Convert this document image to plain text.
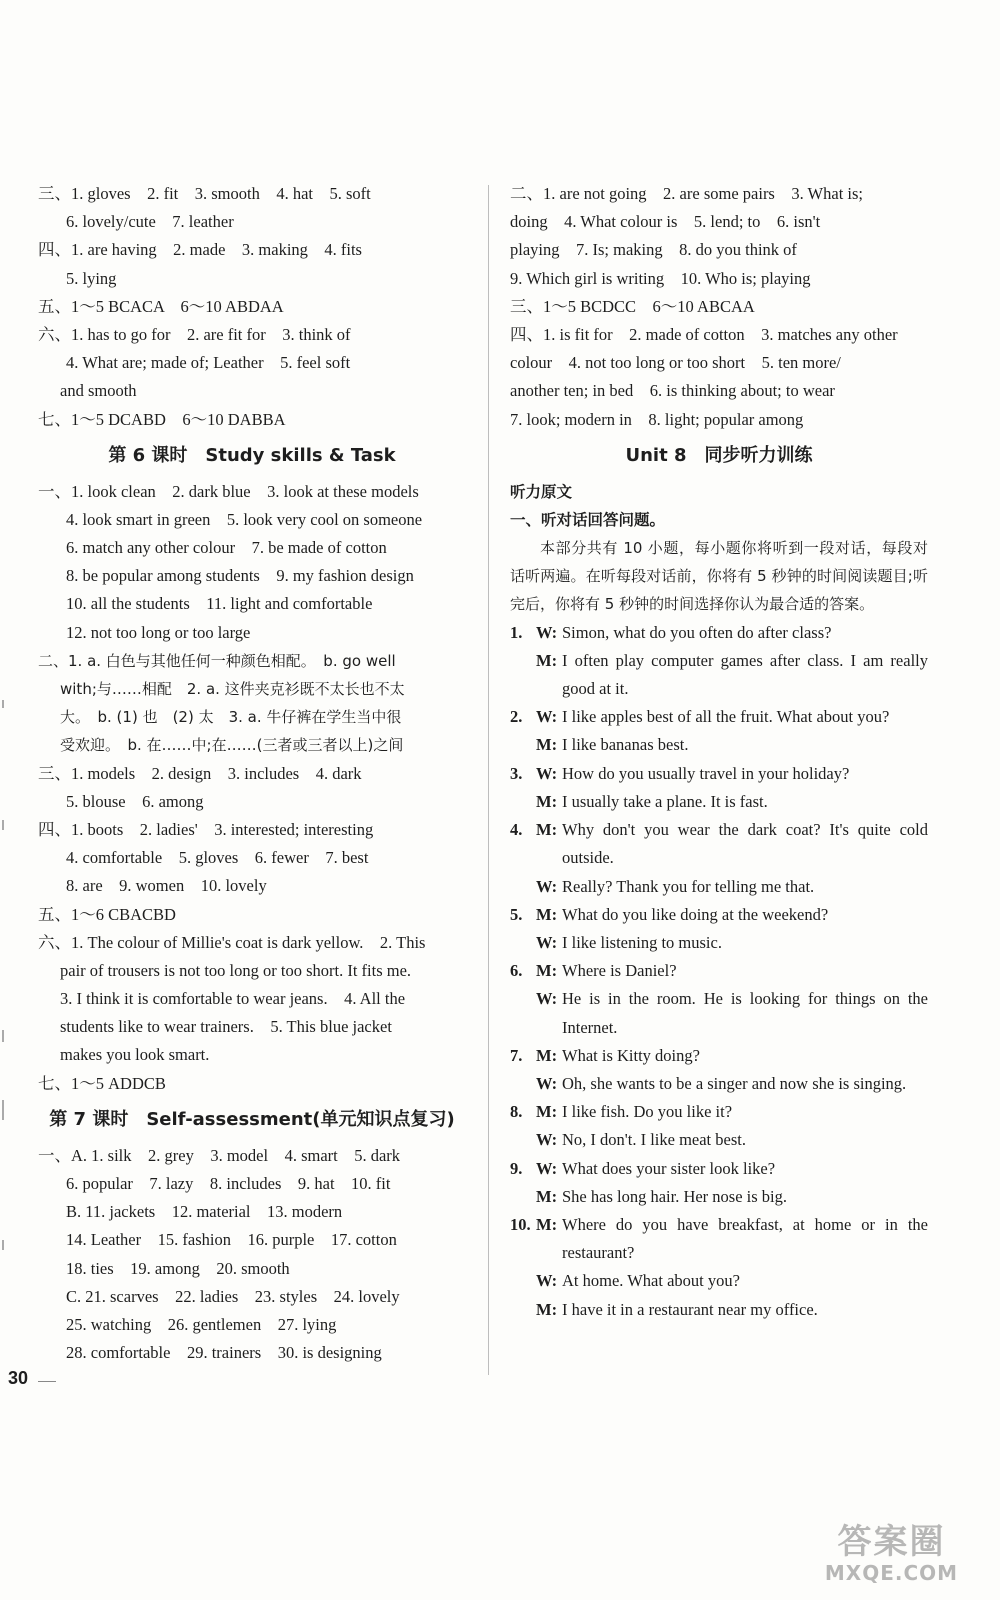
三、1. gloves　2. fit　3. smooth　4. hat　5. soft
6. lovely/cute　7. leather
四、1. are having　2. made　3. making　4. fits
5. lying
五、1～5 BCACA　6～10 ABDAA
六、1. has to go for　2. are fit for　3. think of
4. What are; made of; Leather　5. feel soft
and smooth
七、1～5 DCABD　6～10 DABBA
第 6 课时　Study skills & Task
一、1. look clean　2. dark blue　3. look at these models
4. look smart in green　5. look very cool on someone
6. match any other colour　7. be made of cotton
8. be popular among students　9. my fashion design
10. all the students　11. light and comfortable
12. not too long or too large
二、1. a. 白色与其他任何一种颜色相配。　b. go well
with;与……相配　2. a. 这件夹克衫既不太长也不太
大。　b. (1) 也　(2) 太　3. a. 牛仔裤在学生当中很
受欢迎。　b. 在……中;在……(三者或三者以上)之间
三、1. models　2. design　3. includes　4. dark
5. blouse　6. among
四、1. boots　2. ladies'　3. interested; interesting
4. comfortable　5. gloves　6. fewer　7. best
8. are　9. women　10. lovely
五、1～6 CBACBD
六、1. The colour of Millie's coat is dark yellow.　2. This
pair of trousers is not too long or too short. It fits me.
3. I think it is comfortable to wear jeans.　4. All the
students like to wear trainers.　5. This blue jacket
makes you look smart.
七、1～5 ADDCB
第 7 课时　Self-assessment(单元知识点复习)
一、A. 1. silk　2. grey　3. model　4. smart　5. dark
6. popular　7. lazy　8. includes　9. hat　10. fit
B. 11. jackets　12. material　13. modern
14. Leather　15. fashion　16. purple　17. cotton
18. ties　19. among　20. smooth
C. 21. scarves　22. ladies　23. styles　24. lovely
25. watching　26. gentlemen　27. lying
28. comfortable　29. trainers　30. is designing
二、1. are not going　2. are some pairs　3. What is;
doing　4. What colour is　5. lend; to　6. isn't
playing　7. Is; making　8. do you think of
9. Which girl is writing　10. Who is; playing
三、1～5 BCDCC　6～10 ABCAA
四、1. is fit for　2. made of cotton　3. matches any other
colour　4. not too long or too short　5. ten more/
another ten; in bed　6. is thinking about; to wear
7. look; modern in　8. light; popular among
Unit 8　同步听力训练
听力原文
一、听对话回答问题。
本部分共有 10 小题，每小题你将听到一段对话，每段对话听两遍。在听每段对话前，你将有 5 秒钟的时间阅读题目;听完后，你将有 5 秒钟的时间选择你认为最合适的答案。
1. W: Simon, what do you often do after class?
M: I often play computer games after class. I am really good at it.
2. W: I like apples best of all the fruit. What about you?
M: I like bananas best.
3. W: How do you usually travel in your holiday?
M: I usually take a plane. It is fast.
4. M: Why don't you wear the dark coat? It's quite cold outside.
W: Really? Thank you for telling me that.
5. M: What do you like doing at the weekend?
W: I like listening to music.
6. M: Where is Daniel?
W: He is in the room. He is looking for things on the Internet.
7. M: What is Kitty doing?
W: Oh, she wants to be a singer and now she is singing.
8. M: I like fish. Do you like it?
W: No, I don't. I like meat best.
9. W: What does your sister look like?
M: She has long hair. Her nose is big.
10. M: Where do you have breakfast, at home or in the restaurant?
W: At home. What about you?
M: I have it in a restaurant near my office.
30
答案圈
MXQE.COM
